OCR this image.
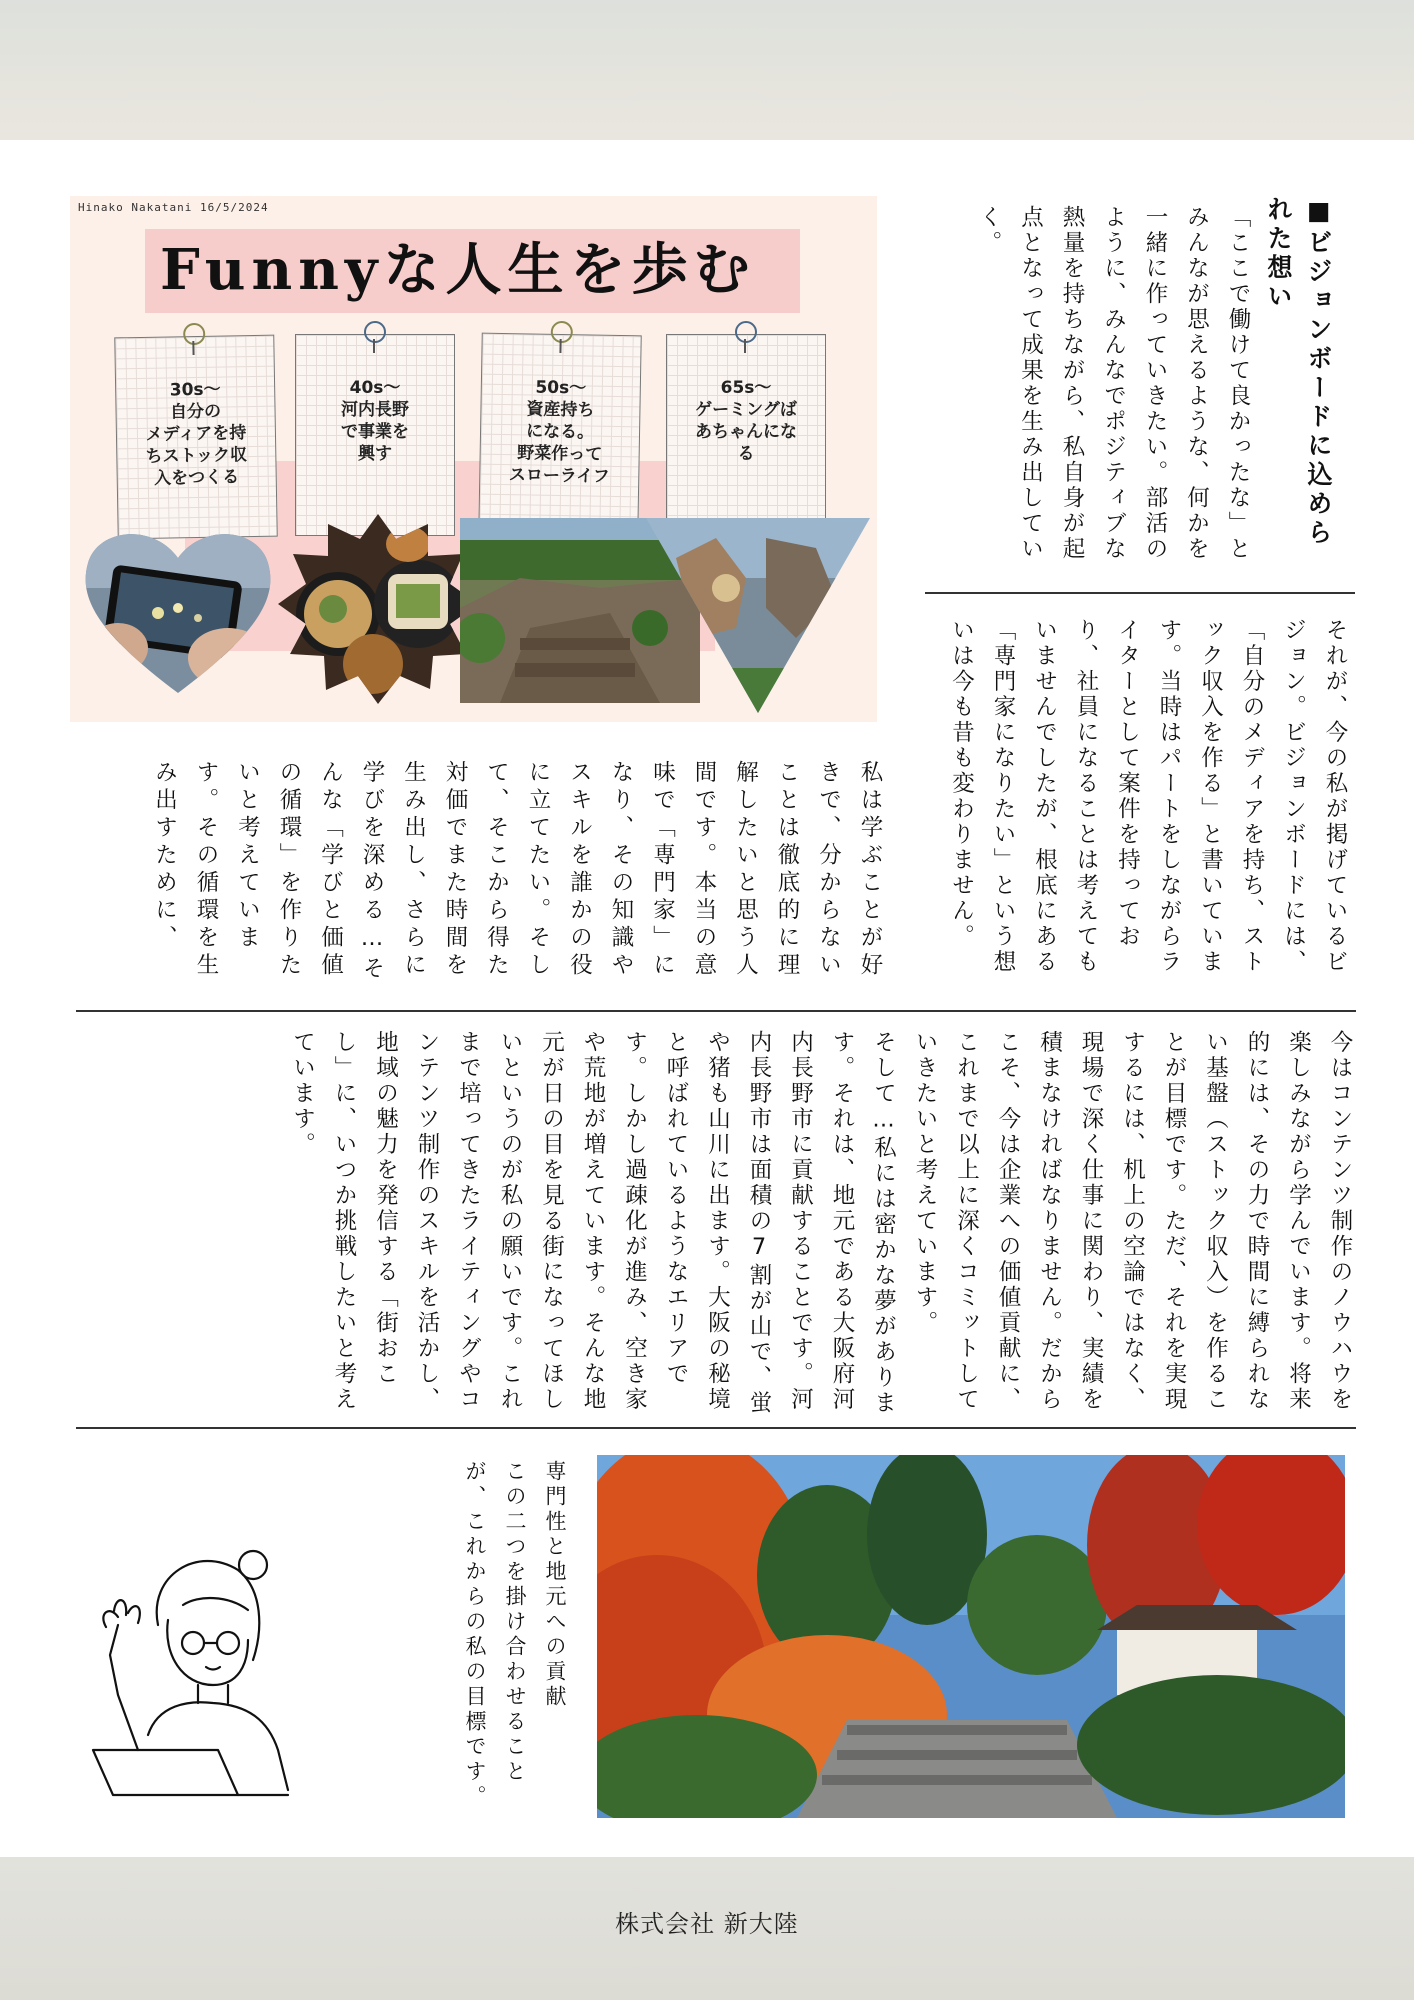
Hinako Nakatani 16/5/2024
Funnyな人生を歩む
30s～
自分の
メディアを持
ちストック収
入をつくる
40s～
河内長野
で事業を
興す
50s～
資産持ち
になる。
野菜作って
スローライフ
65s～
ゲーミングば
あちゃんにな
る	■ビジョンボードに込められた想い
「ここで働けて良かったな」とみんなが思えるような、何かを一緒に作っていきたい。部活のように、みんなでポジティブな熱量を持ちながら、私自身が起点となって成果を生み出していく。
それが、今の私が掲げているビジョン。ビジョンボードには、「自分のメディアを持ち、ストック収入を作る」と書いています。当時はパートをしながらライターとして案件を持っており、社員になることは考えてもいませんでしたが、根底にある「専門家になりたい」という想いは今も昔も変わりません。
私は学ぶことが好きで、分からないことは徹底的に理解したいと思う人間です。本当の意味で「専門家」になり、その知識やスキルを誰かの役に立てたい。そして、そこから得た対価でまた時間を生み出し、さらに学びを深める…そんな「学びと価値の循環」を作りたいと考えています。その循環を生み出すために、
今はコンテンツ制作のノウハウを楽しみながら学んでいます。将来的には、その力で時間に縛られない基盤（ストック収入）を作ることが目標です。ただ、それを実現するには、机上の空論ではなく、現場で深く仕事に関わり、実績を積まなければなりません。だからこそ、今は企業への価値貢献に、これまで以上に深くコミットしていきたいと考えています。
そして…私には密かな夢があります。それは、地元である大阪府河内長野市に貢献することです。河内長野市は面積の7割が山で、蛍や猪も山川に出ます。大阪の秘境と呼ばれているようなエリアです。しかし過疎化が進み、空き家や荒地が増えています。そんな地元が日の目を見る街になってほしいというのが私の願いです。これまで培ってきたライティングやコンテンツ制作のスキルを活かし、地域の魅力を発信する「街おこし」に、いつか挑戦したいと考えています。
専門性と地元への貢献
この二つを掛け合わせること
が、これからの私の目標です。
株式会社 新大陸
